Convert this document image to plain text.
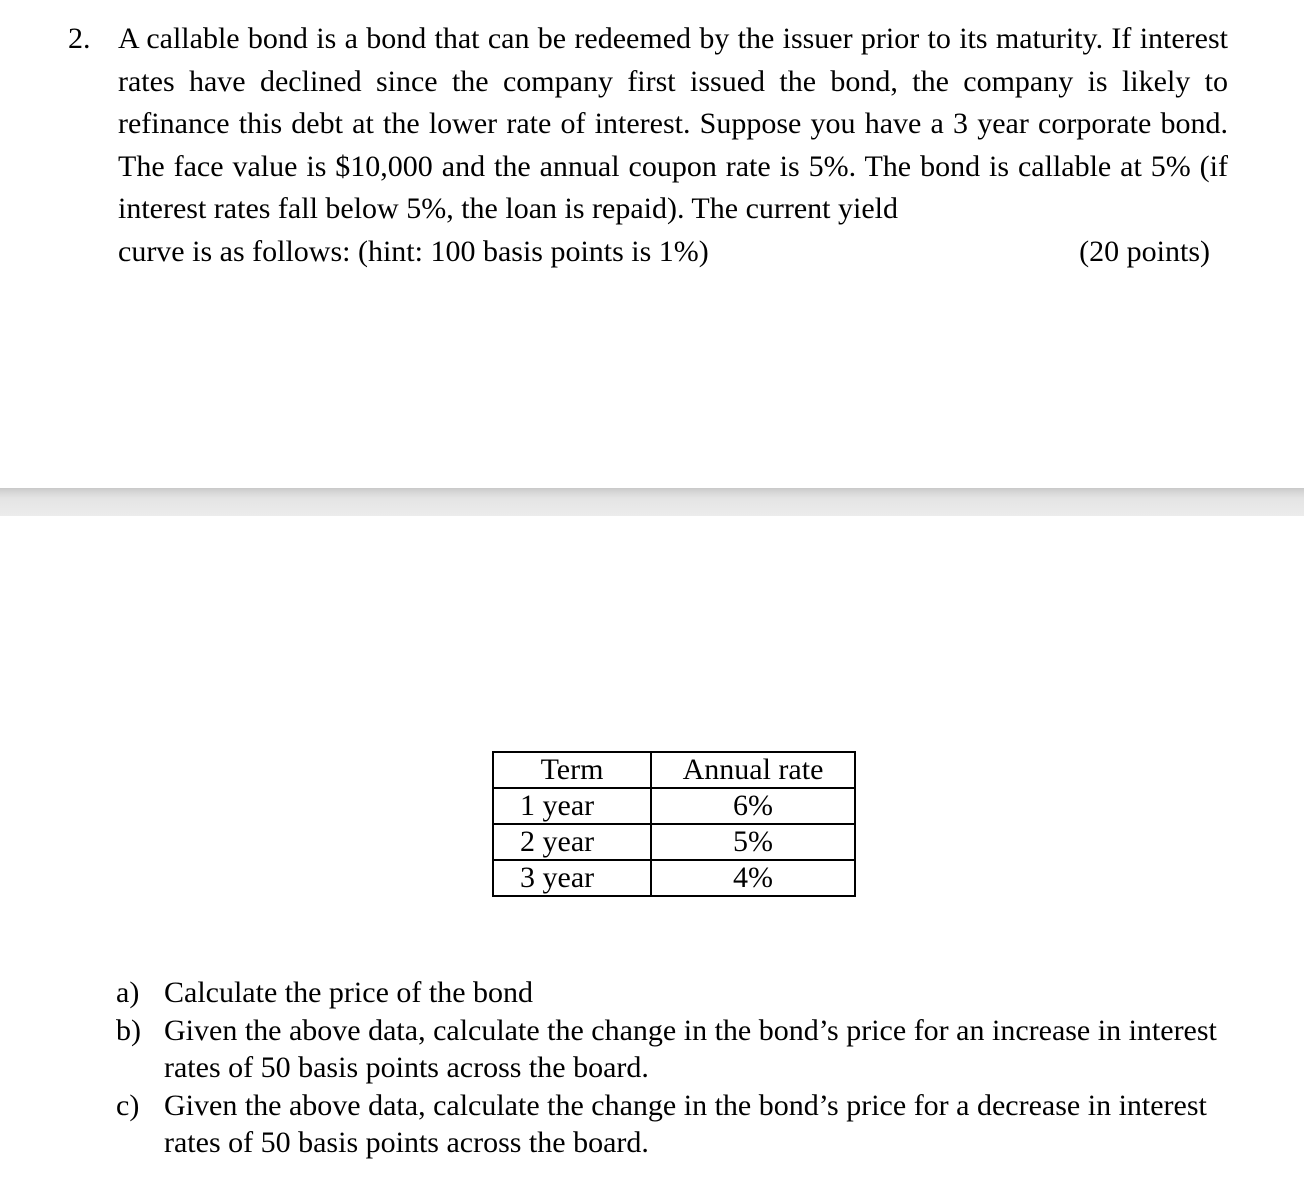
2. A callable bond is a bond that can be redeemed by the issuer prior to its maturity. If interest rates have declined since the company first issued the bond, the company is likely to refinance this debt at the lower rate of interest. Suppose you have a 3 year corporate bond. The face value is $10,000 and the annual coupon rate is 5%. The bond is callable at 5% (if interest rates fall below 5%, the loan is repaid). The current yield
curve is as follows: (hint: 100 basis points is 1%)	(20 points)
Term	Annual rate
1 year	6%
2 year	5%
3 year	4%
a) Calculate the price of the bond
b) Given the above data, calculate the change in the bond’s price for an increase in interest rates of 50 basis points across the board.
c) Given the above data, calculate the change in the bond’s price for a decrease in interest rates of 50 basis points across the board.
